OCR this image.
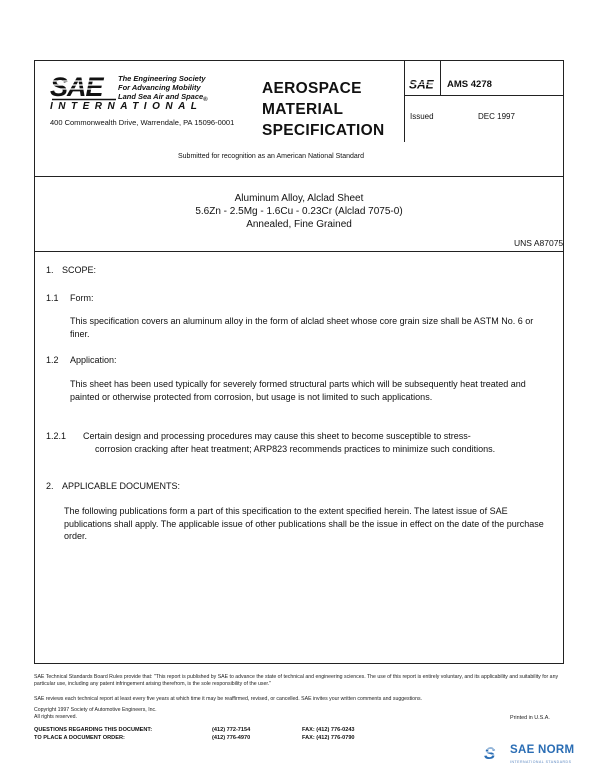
SAE The Engineering Society
For Advancing Mobility
Land Sea Air and Space$_®$
INTERNATIONAL
400 Commonwealth Drive, Warrendale, PA 15096-0001
AEROSPACE
MATERIAL
SPECIFICATION
SAE AMS 4278
Issued	DEC 1997
Submitted for recognition as an American National Standard
Aluminum Alloy, Alclad Sheet
5.6Zn - 2.5Mg - 1.6Cu - 0.23Cr (Alclad 7075-0)
Annealed, Fine Grained
UNS A87075
1. SCOPE:
1.1 Form:
This specification covers an aluminum alloy in the form of alclad sheet whose core grain size shall be ASTM No. 6 or finer.
1.2 Application:
This sheet has been used typically for severely formed structural parts which will be subsequently heat treated and painted or otherwise protected from corrosion, but usage is not limited to such applications.
1.2.1 Certain design and processing procedures may cause this sheet to become susceptible to stress-
corrosion cracking after heat treatment; ARP823 recommends practices to minimize such conditions.
2. APPLICABLE DOCUMENTS:
The following publications form a part of this specification to the extent specified herein. The latest issue of SAE publications shall apply. The applicable issue of other publications shall be the issue in effect on the date of the purchase order.
SAE Technical Standards Board Rules provide that: "This report is published by SAE to advance the state of technical and engineering sciences. The use of this report is entirely voluntary, and its applicability and suitability for any particular use, including any patent infringement arising therefrom, is the sole responsibility of the user."
SAE reviews each technical report at least every five years at which time it may be reaffirmed, revised, or cancelled. SAE invites your written comments and suggestions.
Copyright 1997 Society of Automotive Engineers, Inc.
All rights reserved.	Printed in U.S.A.
QUESTIONS REGARDING THIS DOCUMENT:	(412) 772-7154	FAX: (412) 776-0243
TO PLACE A DOCUMENT ORDER:	(412) 776-4970	FAX: (412) 776-0790
S SAE NORM
INTERNATIONAL STANDARDS
